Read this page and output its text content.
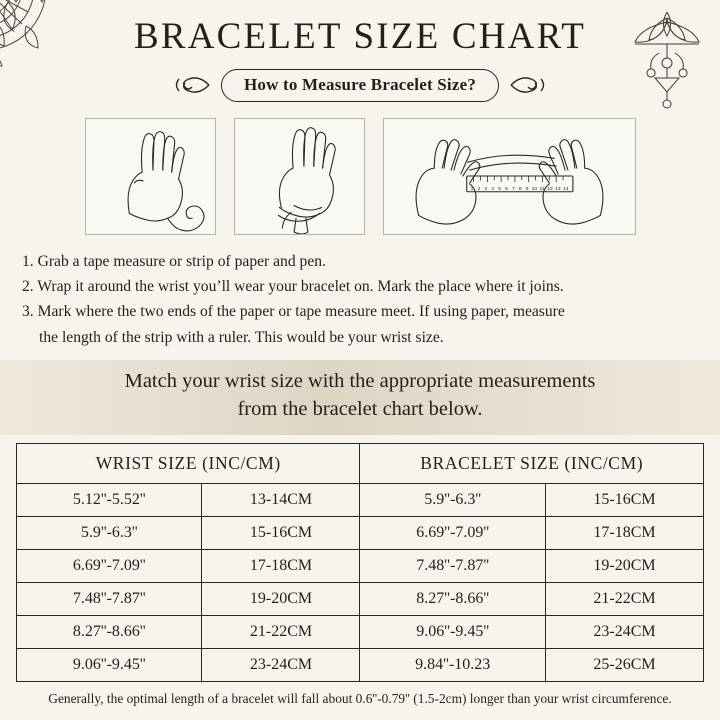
BRACELET SIZE CHART
How to Measure Bracelet Size?
1 2 3 4 5 6 7 8 9 10 11 12 13 14
1. Grab a tape measure or strip of paper and pen.
2. Wrap it around the wrist you’ll wear your bracelet on. Mark the place where it joins.
3. Mark where the two ends of the paper or tape measure meet. If using paper, measure
the length of the strip with a ruler. This would be your wrist size.
Match your wrist size with the appropriate measurements
from the bracelet chart below.
WRIST SIZE (INC/CM)		BRACELET SIZE (INC/CM)	
5.12''-5.52''	13-14CM	5.9''-6.3''	15-16CM
5.9''-6.3''	15-16CM	6.69''-7.09''	17-18CM
6.69''-7.09''	17-18CM	7.48''-7.87''	19-20CM
7.48''-7.87''	19-20CM	8.27''-8.66''	21-22CM
8.27''-8.66''	21-22CM	9.06''-9.45''	23-24CM
9.06''-9.45''	23-24CM	9.84''-10.23	25-26CM
Generally, the optimal length of a bracelet will fall about 0.6''-0.79'' (1.5-2cm) longer than your wrist circumference.
